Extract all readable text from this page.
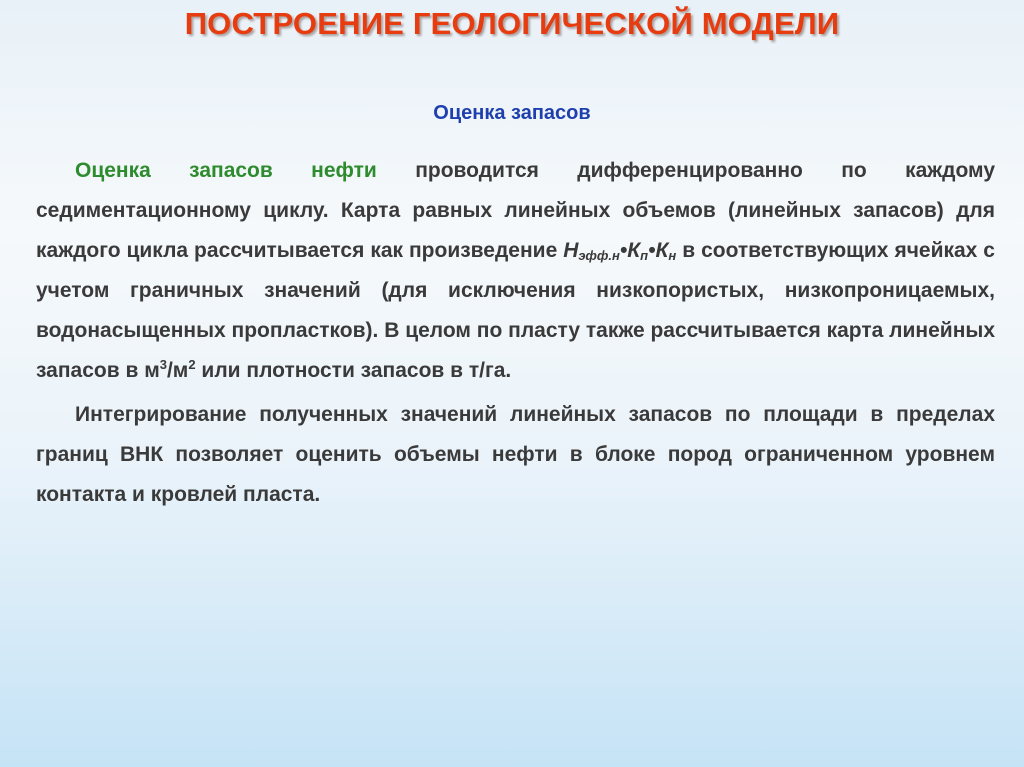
ПОСТРОЕНИЕ ГЕОЛОГИЧЕСКОЙ МОДЕЛИ
Оценка запасов

Оценка запасов нефти проводится дифференцированно по каждому седиментационному циклу. Карта равных линейных объемов (линейных запасов) для каждого цикла рассчитывается как произведение $H_{эфф.н}•К_п•К_н$ в соответствующих ячейках с учетом граничных значений (для исключения низкопористых, низкопроницаемых, водонасыщенных пропластков). В целом по пласту также рассчитывается карта линейных запасов в $м^3/м^2$ или плотности запасов в т/га.

Интегрирование полученных значений линейных запасов по площади в пределах границ ВНК позволяет оценить объемы нефти в блоке пород ограниченном уровнем контакта и кровлей пласта.
